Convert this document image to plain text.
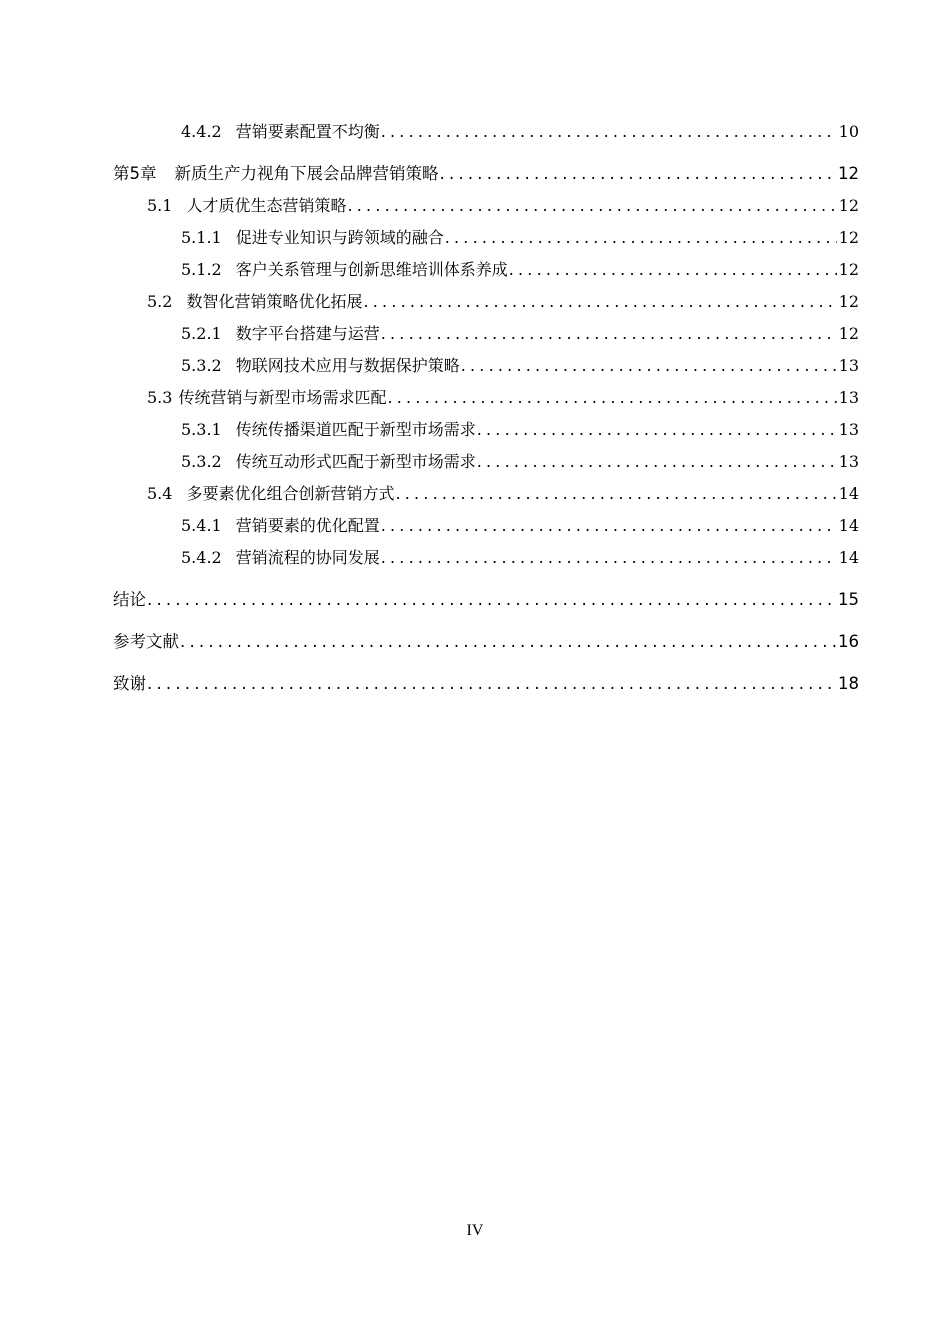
4.4.2 营销要素配置不均衡 .....	10
第5章 新质生产力视角下展会品牌营销策略 .....	12
5.1 人才质优生态营销策略 .....	12
5.1.1 促进专业知识与跨领域的融合 .....	12
5.1.2 客户关系管理与创新思维培训体系养成 .....	12
5.2 数智化营销策略优化拓展 .....	12
5.2.1 数字平台搭建与运营 .....	12
5.3.2 物联网技术应用与数据保护策略 .....	13
5.3 传统营销与新型市场需求匹配 .....	13
5.3.1 传统传播渠道匹配于新型市场需求 .....	13
5.3.2 传统互动形式匹配于新型市场需求 .....	13
5.4 多要素优化组合创新营销方式 .....	14
5.4.1 营销要素的优化配置 .....	14
5.4.2 营销流程的协同发展 .....	14
结论 .....	15
参考文献 .....	16
致谢 .....	18
IV
